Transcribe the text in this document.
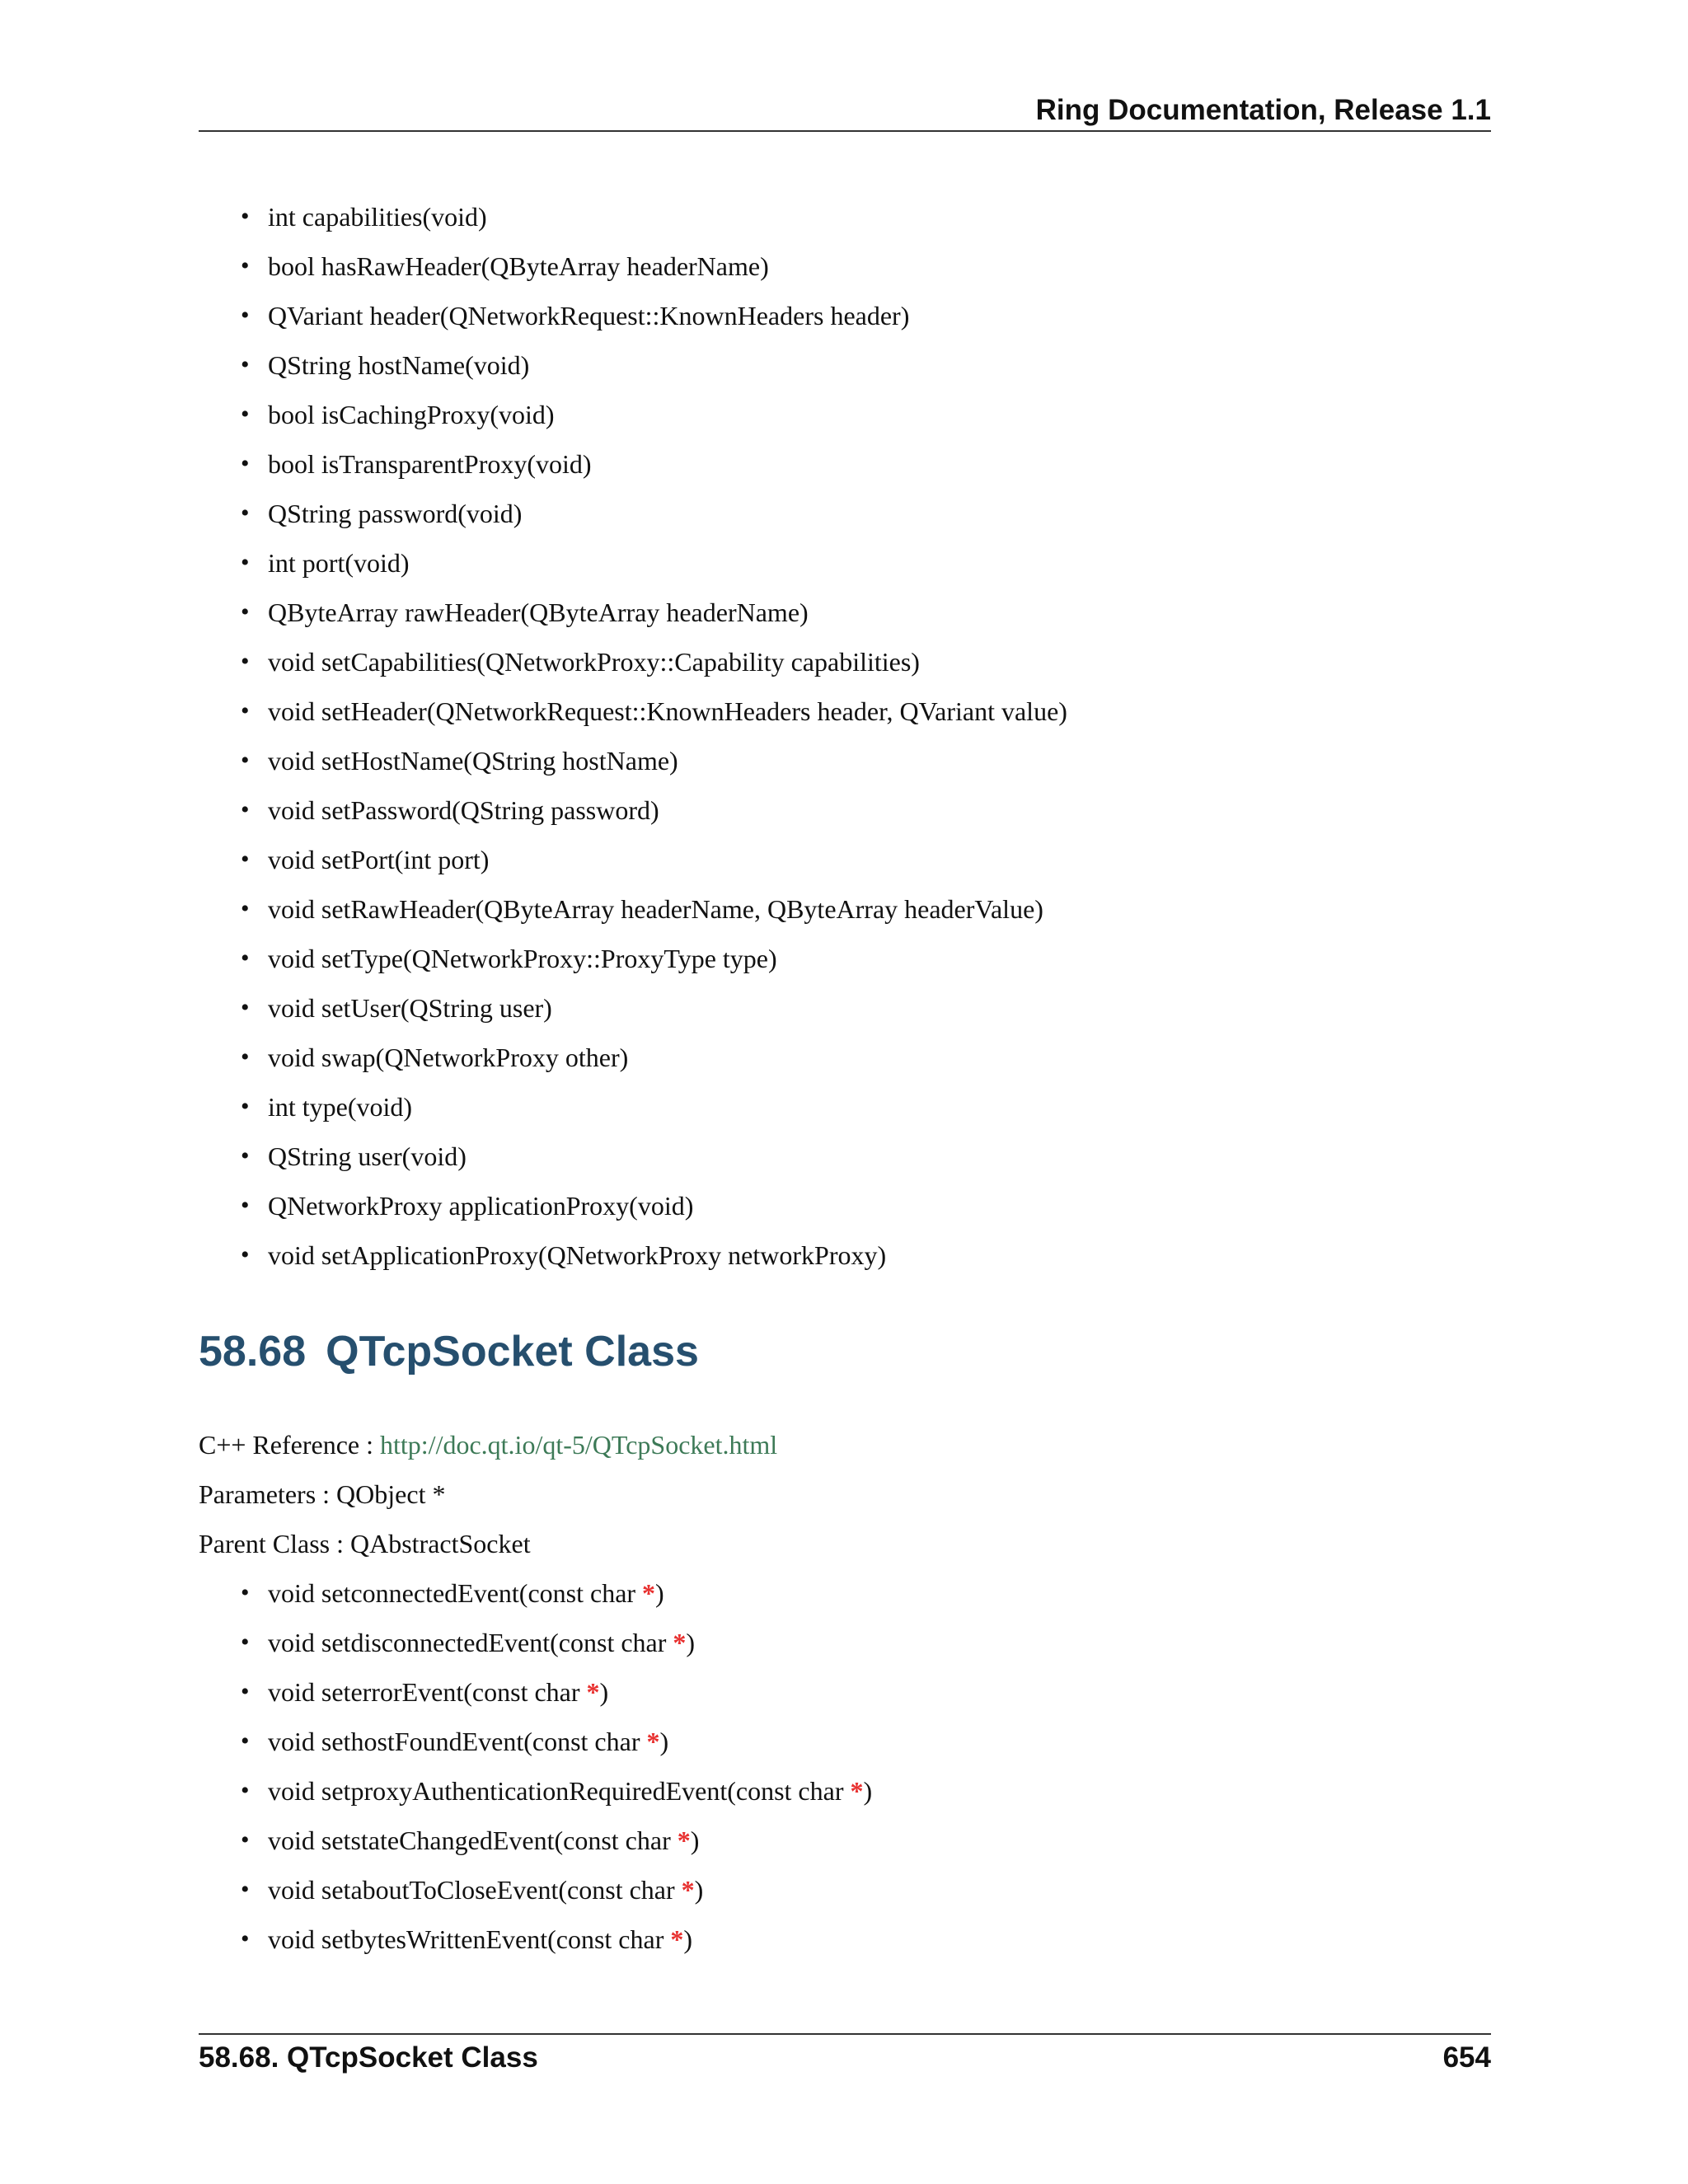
Ring Documentation, Release 1.1
• int capabilities(void)
• bool hasRawHeader(QByteArray headerName)
• QVariant header(QNetworkRequest::KnownHeaders header)
• QString hostName(void)
• bool isCachingProxy(void)
• bool isTransparentProxy(void)
• QString password(void)
• int port(void)
• QByteArray rawHeader(QByteArray headerName)
• void setCapabilities(QNetworkProxy::Capability capabilities)
• void setHeader(QNetworkRequest::KnownHeaders header, QVariant value)
• void setHostName(QString hostName)
• void setPassword(QString password)
• void setPort(int port)
• void setRawHeader(QByteArray headerName, QByteArray headerValue)
• void setType(QNetworkProxy::ProxyType type)
• void setUser(QString user)
• void swap(QNetworkProxy other)
• int type(void)
• QString user(void)
• QNetworkProxy applicationProxy(void)
• void setApplicationProxy(QNetworkProxy networkProxy)
58.68 QTcpSocket Class
C++ Reference : http://doc.qt.io/qt-5/QTcpSocket.html
Parameters : QObject *
Parent Class : QAbstractSocket
• void setconnectedEvent(const char *)
• void setdisconnectedEvent(const char *)
• void seterrorEvent(const char *)
• void sethostFoundEvent(const char *)
• void setproxyAuthenticationRequiredEvent(const char *)
• void setstateChangedEvent(const char *)
• void setaboutToCloseEvent(const char *)
• void setbytesWrittenEvent(const char *)
58.68. QTcpSocket Class	654
